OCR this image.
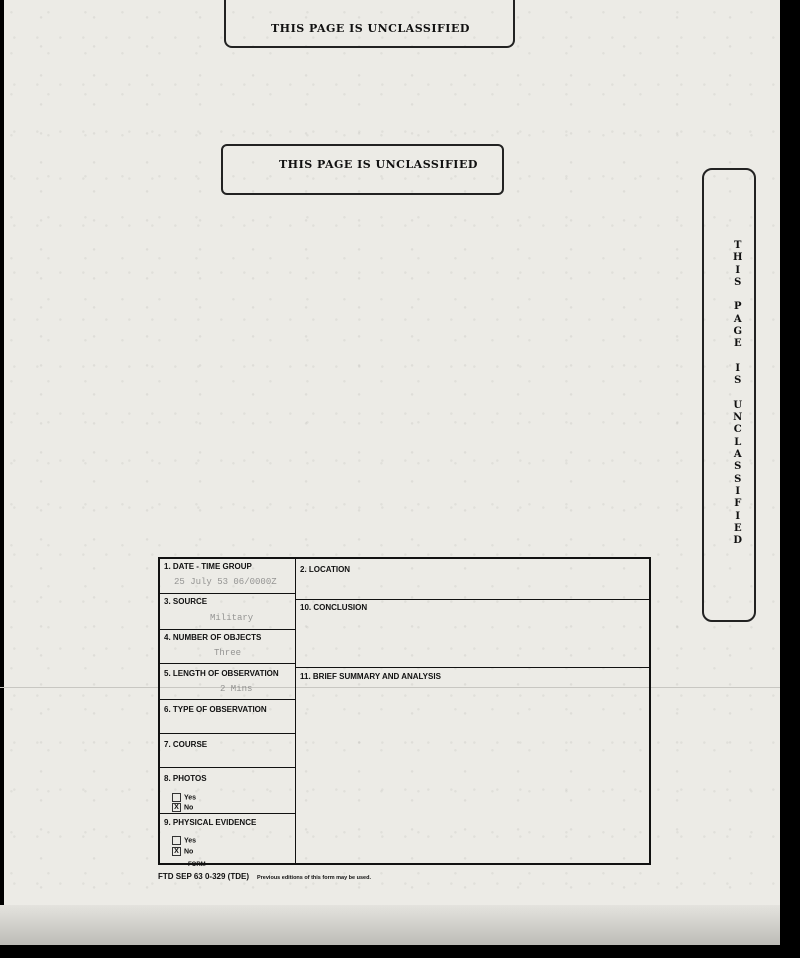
THIS PAGE IS UNCLASSIFIED
THIS PAGE IS UNCLASSIFIED
T
H
I
S

P
A
G
E

I
S

U
N
C
L
A
S
S
I
F
I
E
D
1. DATE - TIME GROUP
25 July 53 06/0000Z
2. LOCATION
3. SOURCE
Military
4. NUMBER OF OBJECTS
Three
5. LENGTH OF OBSERVATION
2 Mins
6. TYPE OF OBSERVATION
7. COURSE
8. PHOTOS
Yes
X No
9. PHYSICAL EVIDENCE
Yes
X No
10. CONCLUSION
11. BRIEF SUMMARY AND ANALYSIS
FORM
FTD SEP 63 0-329 (TDE) Previous editions of this form may be used.
